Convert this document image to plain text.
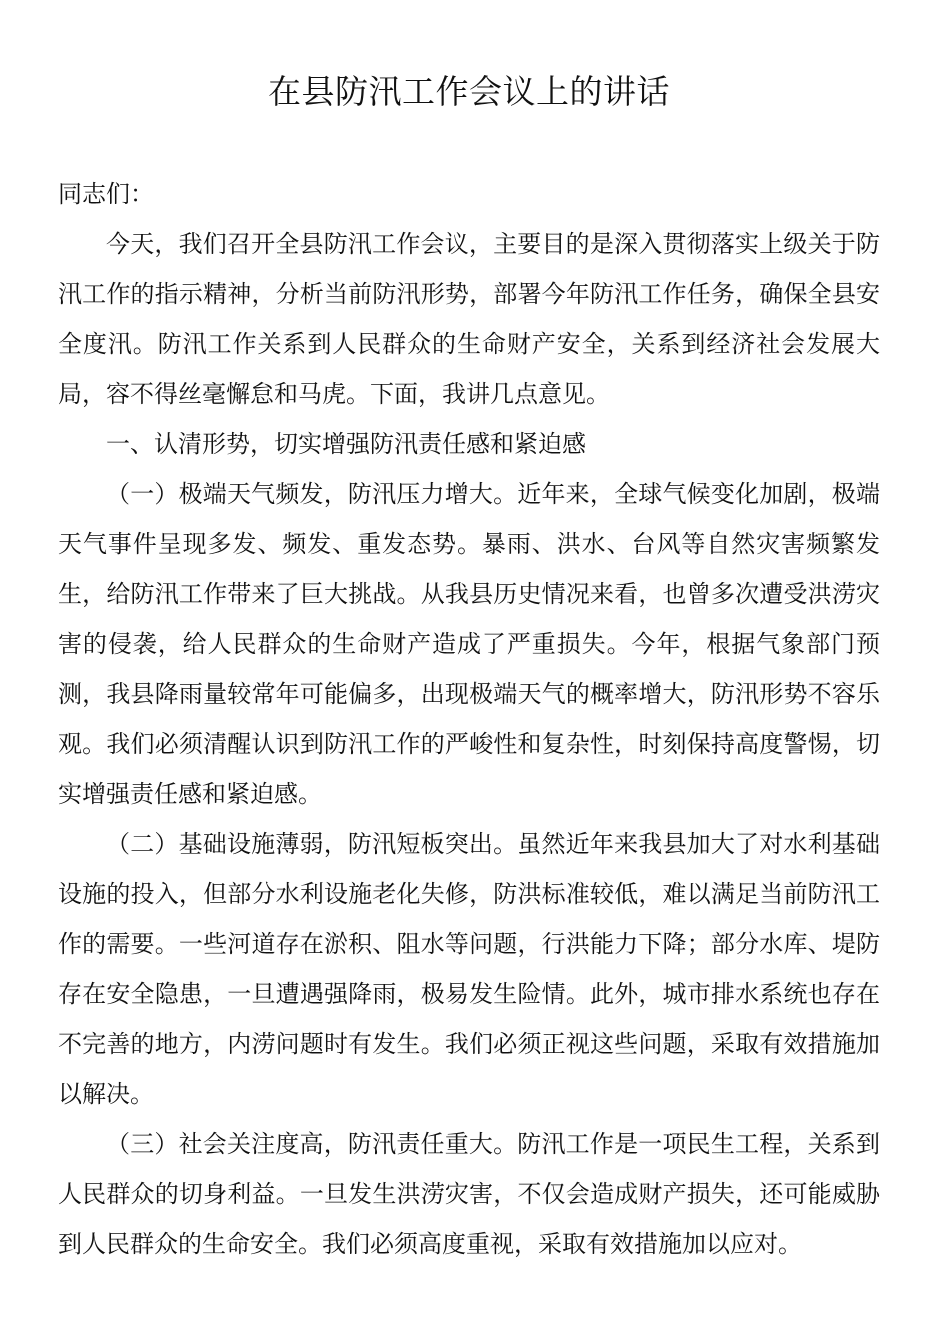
在县防汛工作会议上的讲话

同志们：

今天，我们召开全县防汛工作会议，主要目的是深入贯彻落实上级关于防汛工作的指示精神，分析当前防汛形势，部署今年防汛工作任务，确保全县安全度汛。防汛工作关系到人民群众的生命财产安全，关系到经济社会发展大局，容不得丝毫懈怠和马虎。下面，我讲几点意见。

一、认清形势，切实增强防汛责任感和紧迫感

（一）极端天气频发，防汛压力增大。近年来，全球气候变化加剧，极端天气事件呈现多发、频发、重发态势。暴雨、洪水、台风等自然灾害频繁发生，给防汛工作带来了巨大挑战。从我县历史情况来看，也曾多次遭受洪涝灾害的侵袭，给人民群众的生命财产造成了严重损失。今年，根据气象部门预测，我县降雨量较常年可能偏多，出现极端天气的概率增大，防汛形势不容乐观。我们必须清醒认识到防汛工作的严峻性和复杂性，时刻保持高度警惕，切实增强责任感和紧迫感。

（二）基础设施薄弱，防汛短板突出。虽然近年来我县加大了对水利基础设施的投入，但部分水利设施老化失修，防洪标准较低，难以满足当前防汛工作的需要。一些河道存在淤积、阻水等问题，行洪能力下降；部分水库、堤防存在安全隐患，一旦遭遇强降雨，极易发生险情。此外，城市排水系统也存在不完善的地方，内涝问题时有发生。我们必须正视这些问题，采取有效措施加以解决。

（三）社会关注度高，防汛责任重大。防汛工作是一项民生工程，关系到人民群众的切身利益。一旦发生洪涝灾害，不仅会造成财产损失，还可能威胁到人民群众的生命安全。我们必须高度重视，采取有效措施加以应对。
